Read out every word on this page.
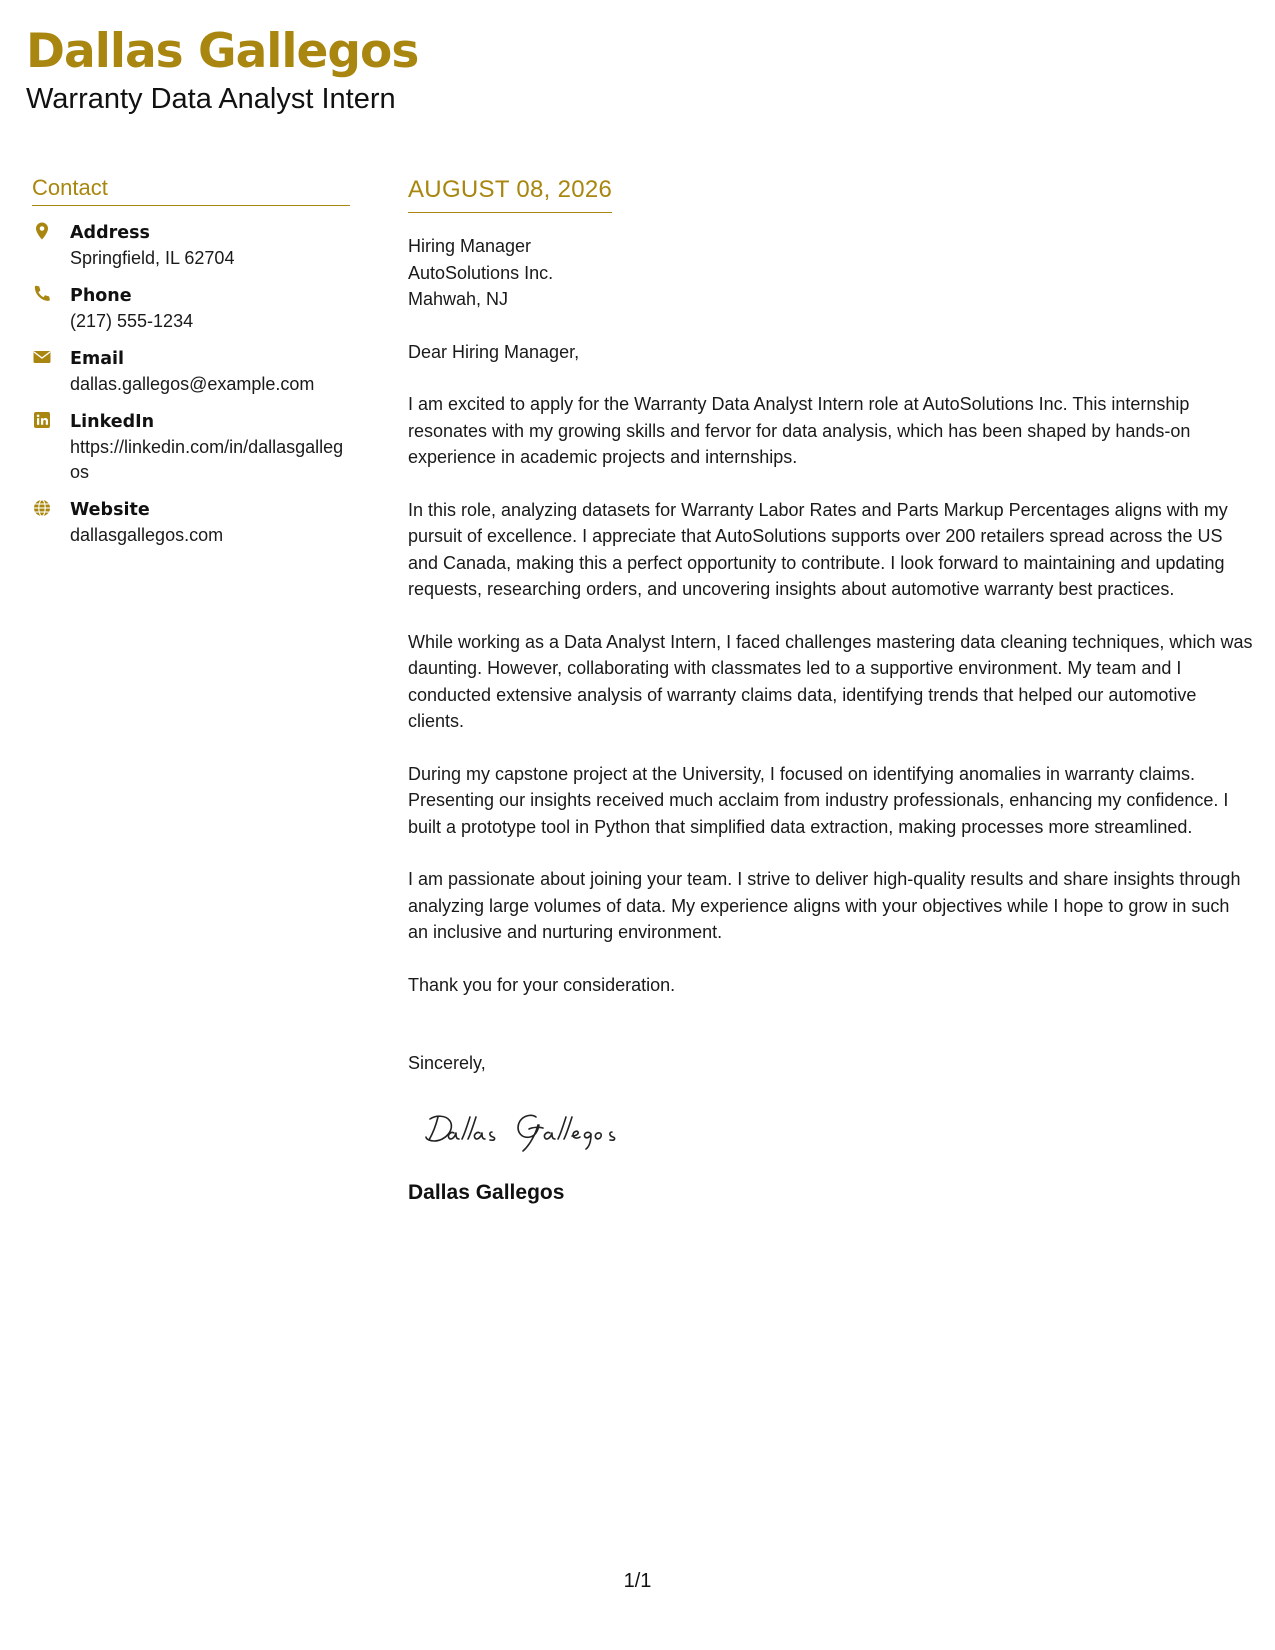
Dallas Gallegos
Warranty Data Analyst Intern
Contact
Address
Springfield, IL 62704
Phone
(217) 555-1234
Email
dallas.gallegos@example.com
LinkedIn
https://linkedin.com/in/dallasgallegos
Website
dallasgallegos.com
AUGUST 08, 2026
Hiring Manager
AutoSolutions Inc.
Mahwah, NJ

Dear Hiring Manager,

I am excited to apply for the Warranty Data Analyst Intern role at AutoSolutions Inc. This internship resonates with my growing skills and fervor for data analysis, which has been shaped by hands-on experience in academic projects and internships.

In this role, analyzing datasets for Warranty Labor Rates and Parts Markup Percentages aligns with my pursuit of excellence. I appreciate that AutoSolutions supports over 200 retailers spread across the US and Canada, making this a perfect opportunity to contribute. I look forward to maintaining and updating requests, researching orders, and uncovering insights about automotive warranty best practices.

While working as a Data Analyst Intern, I faced challenges mastering data cleaning techniques, which was daunting. However, collaborating with classmates led to a supportive environment. My team and I conducted extensive analysis of warranty claims data, identifying trends that helped our automotive clients.

During my capstone project at the University, I focused on identifying anomalies in warranty claims. Presenting our insights received much acclaim from industry professionals, enhancing my confidence. I built a prototype tool in Python that simplified data extraction, making processes more streamlined.

I am passionate about joining your team. I strive to deliver high-quality results and share insights through analyzing large volumes of data. My experience aligns with your objectives while I hope to grow in such an inclusive and nurturing environment.

Thank you for your consideration.

Sincerely,

Dallas Gallegos
1/1
